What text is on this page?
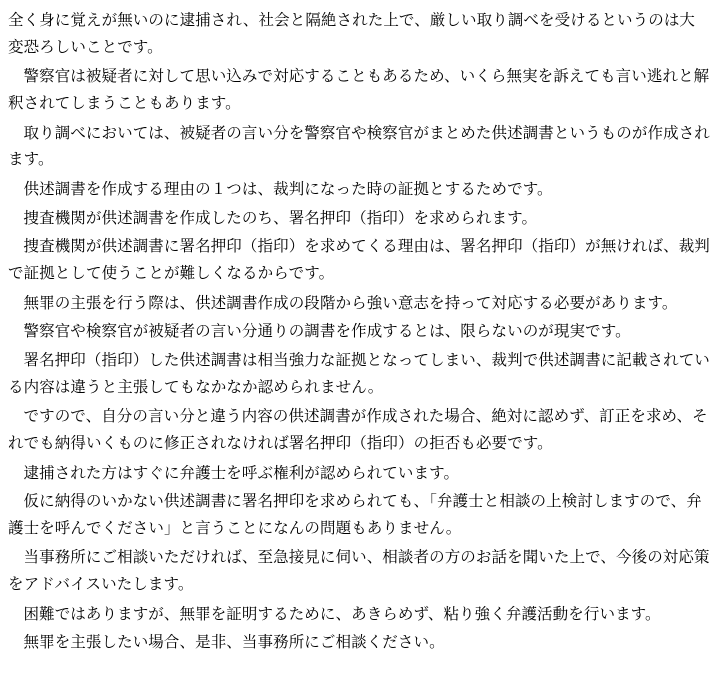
全く身に覚えが無いのに逮捕され、社会と隔絶された上で、厳しい取り調べを受けるというのは大変恐ろしいことです。

警察官は被疑者に対して思い込みで対応することもあるため、いくら無実を訴えても言い逃れと解釈されてしまうこともあります。

取り調べにおいては、被疑者の言い分を警察官や検察官がまとめた供述調書というものが作成されます。

供述調書を作成する理由の１つは、裁判になった時の証拠とするためです。

捜査機関が供述調書を作成したのち、署名押印（指印）を求められます。

捜査機関が供述調書に署名押印（指印）を求めてくる理由は、署名押印（指印）が無ければ、裁判で証拠として使うことが難しくなるからです。

無罪の主張を行う際は、供述調書作成の段階から強い意志を持って対応する必要があります。

警察官や検察官が被疑者の言い分通りの調書を作成するとは、限らないのが現実です。

署名押印（指印）した供述調書は相当強力な証拠となってしまい、裁判で供述調書に記載されている内容は違うと主張してもなかなか認められません。

ですので、自分の言い分と違う内容の供述調書が作成された場合、絶対に認めず、訂正を求め、それでも納得いくものに修正されなければ署名押印（指印）の拒否も必要です。

逮捕された方はすぐに弁護士を呼ぶ権利が認められています。

仮に納得のいかない供述調書に署名押印を求められても、「弁護士と相談の上検討しますので、弁護士を呼んでください」と言うことになんの問題もありません。

当事務所にご相談いただければ、至急接見に伺い、相談者の方のお話を聞いた上で、今後の対応策をアドバイスいたします。

困難ではありますが、無罪を証明するために、あきらめず、粘り強く弁護活動を行います。

無罪を主張したい場合、是非、当事務所にご相談ください。
